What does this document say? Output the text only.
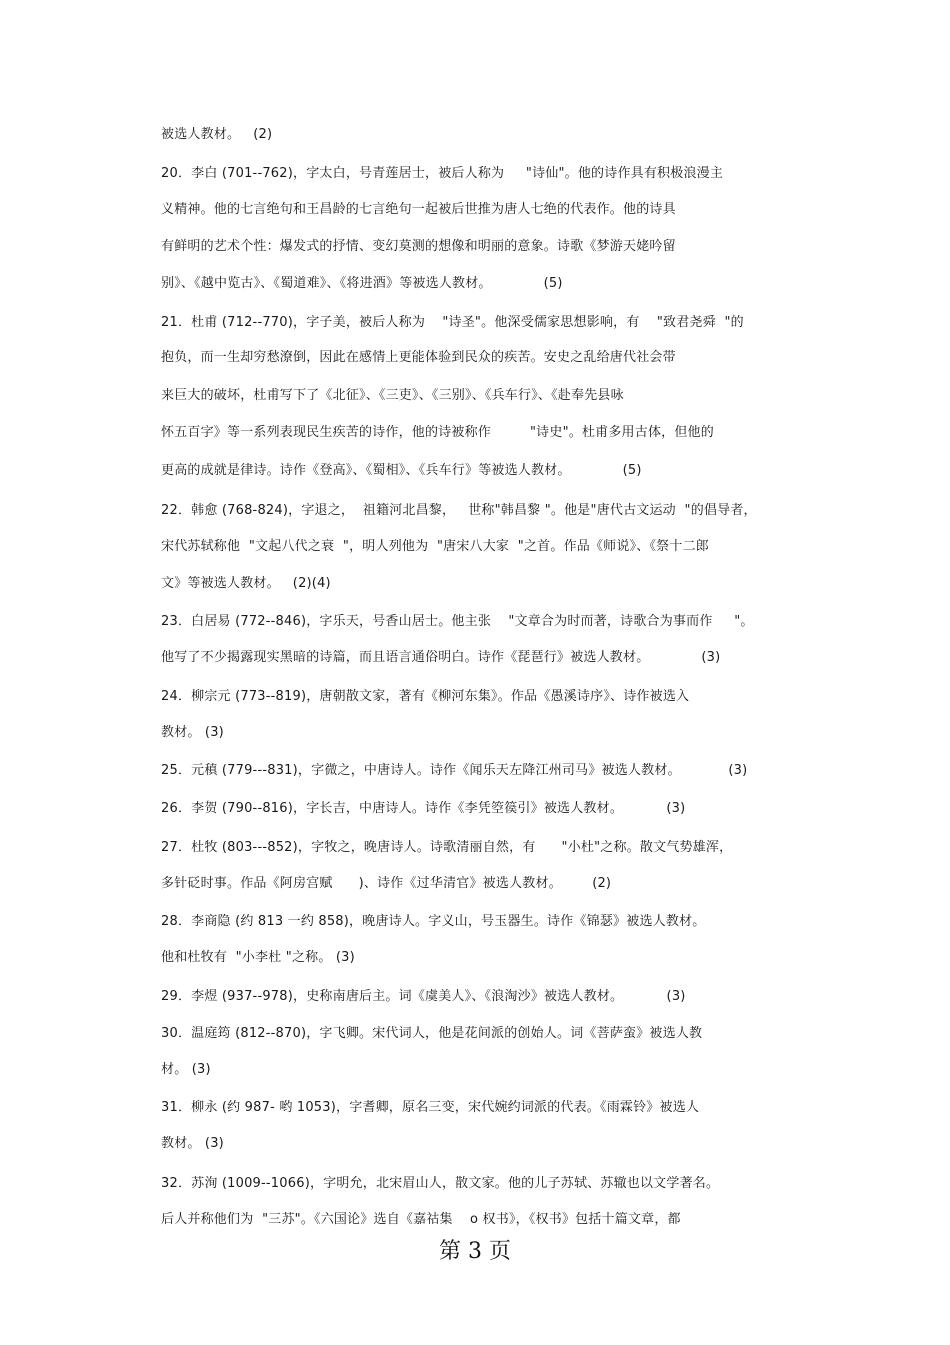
被选人教材。   (2)
20．李白 (701--762)，字太白，号青莲居士，被后人称为     "诗仙"。他的诗作具有积极浪漫主
义精神。他的七言绝句和王昌龄的七言绝句一起被后世推为唐人七绝的代表作。他的诗具
有鲜明的艺术个性：爆发式的抒情、变幻莫测的想像和明丽的意象。诗歌《梦游天姥吟留
别》、《越中览古》、《蜀道难》、《将进酒》等被选人教材。            (5)
21．杜甫 (712--770)，字子美，被后人称为    "诗圣"。他深受儒家思想影响，有    "致君尧舜  "的
抱负，而一生却穷愁潦倒，因此在感情上更能体验到民众的疾苦。安史之乱给唐代社会带
来巨大的破坏，杜甫写下了《北征》、《三吏》、《三别》、《兵车行》、《赴奉先县咏
怀五百字》等一系列表现民生疾苦的诗作，他的诗被称作         "诗史"。杜甫多用古体，但他的
更高的成就是律诗。诗作《登高》、《蜀相》、《兵车行》等被选人教材。            (5)
22．韩愈 (768-824)，字退之，  祖籍河北昌黎，   世称"韩昌黎 "。他是"唐代古文运动  "的倡导者，
宋代苏轼称他  "文起八代之衰  "，明人列他为  "唐宋八大家  "之首。作品《师说》、《祭十二郎
文》等被选人教材。   (2)(4)
23．白居易 (772--846)，字乐天，号香山居士。他主张    "文章合为时而著，诗歌合为事而作     "。
他写了不少揭露现实黑暗的诗篇，而且语言通俗明白。诗作《琵琶行》被选人教材。            (3)
24．柳宗元 (773--819)，唐朝散文家，著有《柳河东集》。作品《愚溪诗序》、诗作被选入
教材。 (3)
25．元稹 (779---831)，字微之，中唐诗人。诗作《闻乐天左降江州司马》被选人教材。           (3)
26．李贺 (790--816)，字长吉，中唐诗人。诗作《李凭箜篌引》被选人教材。          (3)
27．杜牧 (803---852)，字牧之，晚唐诗人。诗歌清丽自然，有      "小杜"之称。散文气势雄浑，
多针砭时事。作品《阿房宫赋      )、诗作《过华清官》被选人教材。       (2)
28．李商隐 (约 813 一约 858)，晚唐诗人。字义山，号玉器生。诗作《锦瑟》被选人教材。
他和杜牧有  "小李杜 "之称。 (3)
29．李煜 (937--978)，史称南唐后主。词《虞美人》、《浪淘沙》被选人教材。          (3)
30．温庭筠 (812--870)，字飞卿。宋代词人，他是花间派的创始人。词《菩萨蛮》被选人教
材。 (3)
31．柳永 (约 987- 哟 1053)，字耆卿，原名三变，宋代婉约词派的代表。《雨霖铃》被选人
教材。 (3)
32．苏洵 (1009--1066)，字明允，北宋眉山人，散文家。他的儿子苏轼、苏辙也以文学著名。
后人并称他们为  "三苏"。《六国论》选自《嘉祜集    o 权书》，《权书》包括十篇文章，都
第 3 页
